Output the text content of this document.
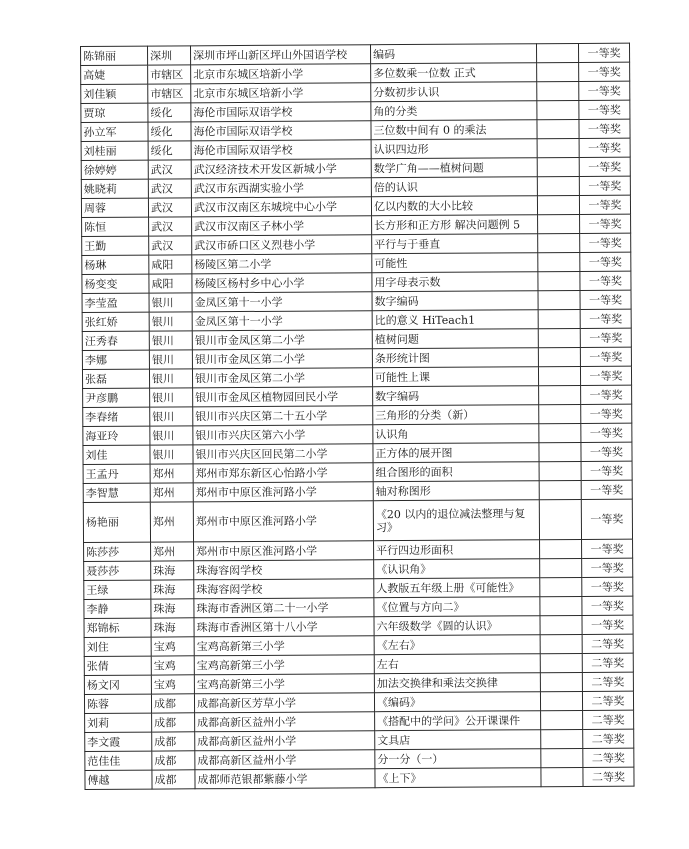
陈锦丽	深圳	深圳市坪山新区坪山外国语学校	编码		一等奖
高婕	市辖区	北京市东城区培新小学	多位数乘一位数 正式		一等奖
刘佳颖	市辖区	北京市东城区培新小学	分数初步认识		一等奖
贾琼	绥化	海伦市国际双语学校	角的分类		一等奖
孙立军	绥化	海伦市国际双语学校	三位数中间有 0 的乘法		一等奖
刘桂丽	绥化	海伦市国际双语学校	认识四边形		一等奖
徐婷婷	武汉	武汉经济技术开发区新城小学	数学广角——植树问题		一等奖
姚晓莉	武汉	武汉市东西湖实验小学	倍的认识		一等奖
周蓉	武汉	武汉市汉南区东城垸中心小学	亿以内数的大小比较		一等奖
陈恒	武汉	武汉市汉南区子林小学	长方形和正方形 解决问题例 5		一等奖
王勤	武汉	武汉市硚口区义烈巷小学	平行与于垂直		一等奖
杨琳	咸阳	杨陵区第二小学	可能性		一等奖
杨变变	咸阳	杨陵区杨村乡中心小学	用字母表示数		一等奖
李莹盈	银川	金凤区第十一小学	数字编码		一等奖
张红娇	银川	金凤区第十一小学	比的意义 HiTeach1		一等奖
汪秀春	银川	银川市金凤区第二小学	植树问题		一等奖
李娜	银川	银川市金凤区第二小学	条形统计图		一等奖
张磊	银川	银川市金凤区第二小学	可能性上课		一等奖
尹彦鹏	银川	银川市金凤区植物园回民小学	数字编码		一等奖
李春绪	银川	银川市兴庆区第二十五小学	三角形的分类（新）		一等奖
海亚玲	银川	银川市兴庆区第六小学	认识角		一等奖
刘佳	银川	银川市兴庆区回民第二小学	正方体的展开图		一等奖
王孟丹	郑州	郑州市郑东新区心怡路小学	组合图形的面积		一等奖
李智慧	郑州	郑州市中原区淮河路小学	轴对称图形		一等奖
杨艳丽	郑州	郑州市中原区淮河路小学	《20 以内的退位减法整理与复习》		一等奖
陈莎莎	郑州	郑州市中原区淮河路小学	平行四边形面积		一等奖
聂莎莎	珠海	珠海容闳学校	《认识角》		一等奖
王绿	珠海	珠海容闳学校	人教版五年级上册《可能性》		一等奖
李静	珠海	珠海市香洲区第二十一小学	《位置与方向二》		一等奖
郑锦标	珠海	珠海市香洲区第十八小学	六年级数学《圆的认识》		一等奖
刘住	宝鸡	宝鸡高新第三小学	《左右》		二等奖
张倩	宝鸡	宝鸡高新第三小学	左右		二等奖
杨文冈	宝鸡	宝鸡高新第三小学	加法交换律和乘法交换律		二等奖
陈蓉	成都	成都高新区芳草小学	《编码》		二等奖
刘莉	成都	成都高新区益州小学	《搭配中的学问》公开课课件		二等奖
李文霞	成都	成都高新区益州小学	文具店		二等奖
范佳佳	成都	成都高新区益州小学	分一分（一）		二等奖
傅越	成都	成都师范银都紫藤小学	《上下》		二等奖
